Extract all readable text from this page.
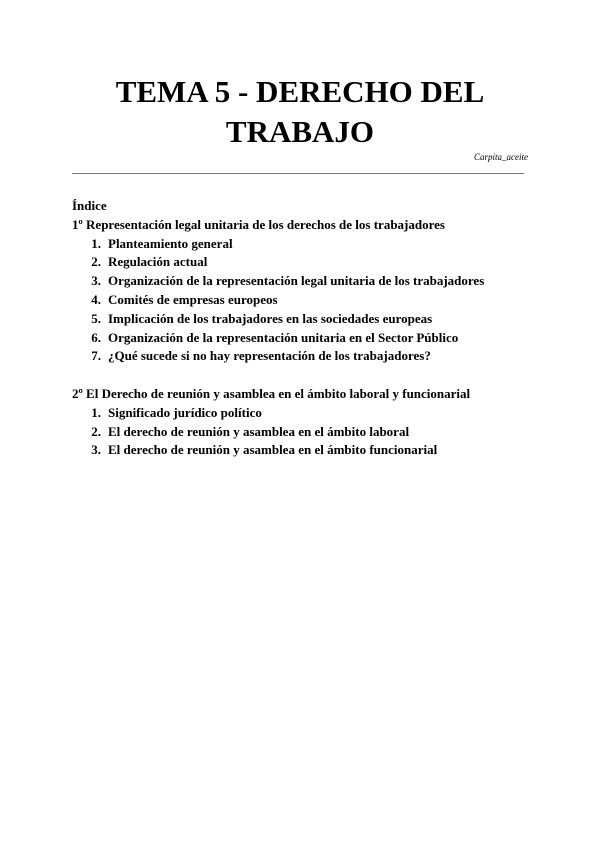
TEMA 5 - DERECHO DEL TRABAJO
Carpita_aceite
Índice
1º Representación legal unitaria de los derechos de los trabajadores
1. Planteamiento general
2. Regulación actual
3. Organización de la representación legal unitaria de los trabajadores
4. Comités de empresas europeos
5. Implicación de los trabajadores en las sociedades europeas
6. Organización de la representación unitaria en el Sector Público
7. ¿Qué sucede si no hay representación de los trabajadores?
2º El Derecho de reunión y asamblea en el ámbito laboral y funcionarial
1. Significado jurídico político
2. El derecho de reunión y asamblea en el ámbito laboral
3. El derecho de reunión y asamblea en el ámbito funcionarial
